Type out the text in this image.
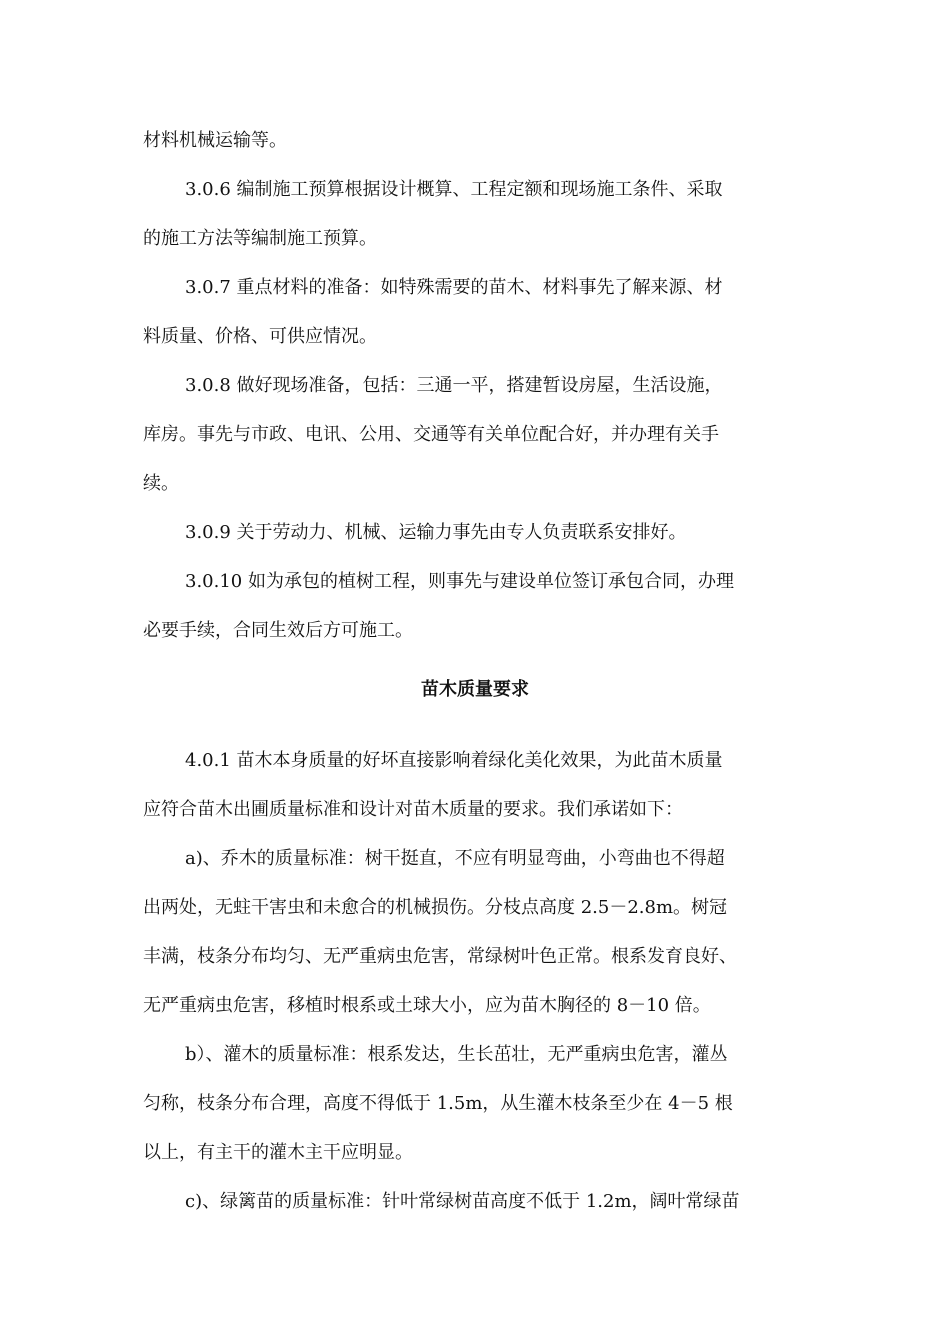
材料机械运输等。
3.0.6 编制施工预算根据设计概算、工程定额和现场施工条件、采取
的施工方法等编制施工预算。
3.0.7 重点材料的准备：如特殊需要的苗木、材料事先了解来源、材
料质量、价格、可供应情况。
3.0.8 做好现场准备，包括：三通一平，搭建暂设房屋，生活设施，
库房。事先与市政、电讯、公用、交通等有关单位配合好，并办理有关手
续。
3.0.9 关于劳动力、机械、运输力事先由专人负责联系安排好。
3.0.10 如为承包的植树工程，则事先与建设单位签订承包合同，办理
必要手续，合同生效后方可施工。
苗木质量要求
4.0.1 苗木本身质量的好坏直接影响着绿化美化效果，为此苗木质量
应符合苗木出圃质量标准和设计对苗木质量的要求。我们承诺如下：
a)、乔木的质量标准：树干挺直，不应有明显弯曲，小弯曲也不得超
出两处，无蛀干害虫和未愈合的机械损伤。分枝点高度 2.5－2.8m。树冠
丰满，枝条分布均匀、无严重病虫危害，常绿树叶色正常。根系发育良好、
无严重病虫危害，移植时根系或土球大小，应为苗木胸径的 8－10 倍。
b）、灌木的质量标准：根系发达，生长茁壮，无严重病虫危害，灌丛
匀称，枝条分布合理，高度不得低于 1.5m，从生灌木枝条至少在 4－5 根
以上，有主干的灌木主干应明显。
c)、绿篱苗的质量标准：针叶常绿树苗高度不低于 1.2m，阔叶常绿苗
